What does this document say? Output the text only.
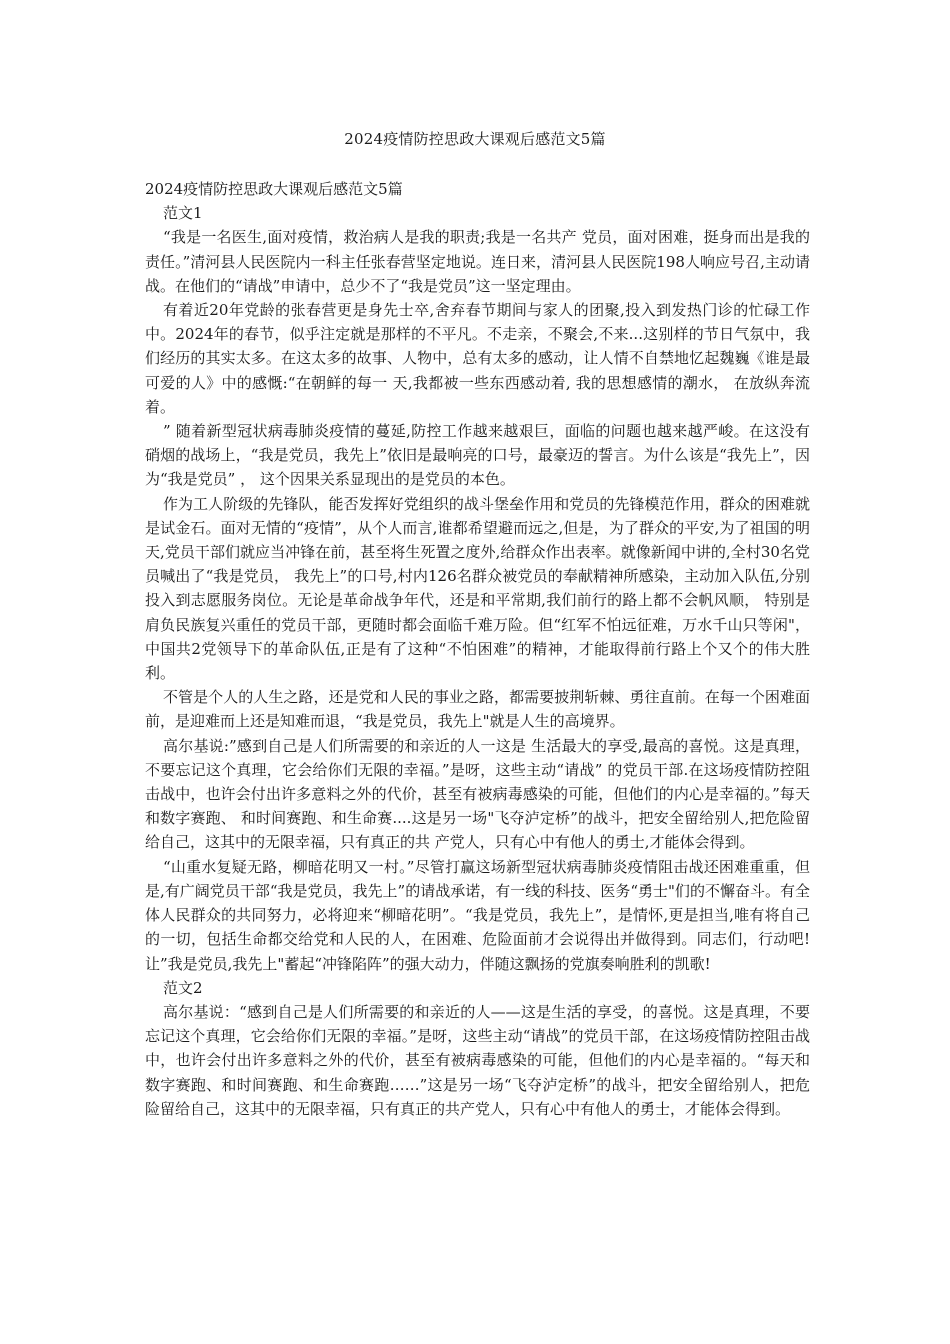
2024疫情防控思政大课观后感范文5篇

2024疫情防控思政大课观后感范文5篇

范文1

“我是一名医生,面对疫情，救治病人是我的职责;我是一名共产 党员，面对困难，挺身而出是我的责任。”清河县人民医院内一科主任张春营坚定地说。连日来，清河县人民医院198人响应号召,主动请战。在他们的“请战”申请中，总少不了“我是党员”这一坚定理由。

有着近20年党龄的张春营更是身先士卒,舍弃春节期间与家人的团聚,投入到发热门诊的忙碌工作中。2024年的春节，似乎注定就是那样的不平凡。不走亲，不聚会,不来...这别样的节日气氛中，我们经历的其实太多。在这太多的故事、人物中，总有太多的感动，让人情不自禁地忆起魏巍《谁是最可爱的人》中的感慨:“在朝鲜的每一 天,我都被一些东西感动着, 我的思想感情的潮水， 在放纵奔流着。

” 随着新型冠状病毒肺炎疫情的蔓延,防控工作越来越艰巨，面临的问题也越来越严峻。在这没有硝烟的战场上，“我是党员，我先上”依旧是最响亮的口号，最豪迈的誓言。为什么该是“我先上”，因为“我是党员” ， 这个因果关系显现出的是党员的本色。

作为工人阶级的先锋队，能否发挥好党组织的战斗堡垒作用和党员的先锋模范作用，群众的困难就是试金石。面对无情的“疫情”，从个人而言,谁都希望避而远之,但是，为了群众的平安,为了祖国的明天,党员干部们就应当冲锋在前，甚至将生死置之度外,给群众作出表率。就像新闻中讲的,全村30名党员喊出了“我是党员， 我先上”的口号,村内126名群众被党员的奉献精神所感染，主动加入队伍,分别投入到志愿服务岗位。无论是革命战争年代，还是和平常期,我们前行的路上都不会帆风顺， 特别是肩负民族复兴重任的党员干部，更随时都会面临千难万险。但“红军不怕远征难，万水千山只等闲"，中国共2党领导下的革命队伍,正是有了这种“不怕困难”的精神，才能取得前行路上个又个的伟大胜利。

不管是个人的人生之路，还是党和人民的事业之路，都需要披荆斩棘、勇往直前。在每一个困难面前，是迎难而上还是知难而退，“我是党员，我先上"就是人生的高境界。

高尔基说:”感到自己是人们所需要的和亲近的人一这是 生活最大的享受,最高的喜悦。这是真理，不要忘记这个真理，它会给你们无限的幸福。”是呀，这些主动“请战” 的党员干部.在这场疫情防控阻击战中，也许会付出许多意料之外的代价，甚至有被病毒感染的可能，但他们的内心是幸福的。”每天和数字赛跑、 和时间赛跑、和生命赛....这是另一场"飞夺泸定桥”的战斗，把安全留给别人,把危险留给自己，这其中的无限幸福，只有真正的共 产党人，只有心中有他人的勇士,才能体会得到。

“山重水复疑无路，柳暗花明又一村。”尽管打赢这场新型冠状病毒肺炎疫情阻击战还困难重重，但是,有广阔党员干部“我是党员，我先上”的请战承诺，有一线的科技、医务“勇士"们的不懈奋斗。有全体人民群众的共同努力，必将迎来“柳暗花明”。“我是党员，我先上”，是情怀,更是担当,唯有将自己的一切，包括生命都交给党和人民的人，在困难、危险面前才会说得出并做得到。同志们，行动吧!让”我是党员,我先上"蓄起“冲锋陷阵”的强大动力，伴随这飘扬的党旗奏响胜利的凯歌!

范文2

高尔基说：“感到自己是人们所需要的和亲近的人——这是生活的享受，的喜悦。这是真理，不要忘记这个真理，它会给你们无限的幸福。”是呀，这些主动“请战”的党员干部，在这场疫情防控阻击战中，也许会付出许多意料之外的代价，甚至有被病毒感染的可能，但他们的内心是幸福的。“每天和数字赛跑、和时间赛跑、和生命赛跑……”这是另一场“飞夺泸定桥”的战斗，把安全留给别人，把危险留给自己，这其中的无限幸福，只有真正的共产党人，只有心中有他人的勇士，才能体会得到。
